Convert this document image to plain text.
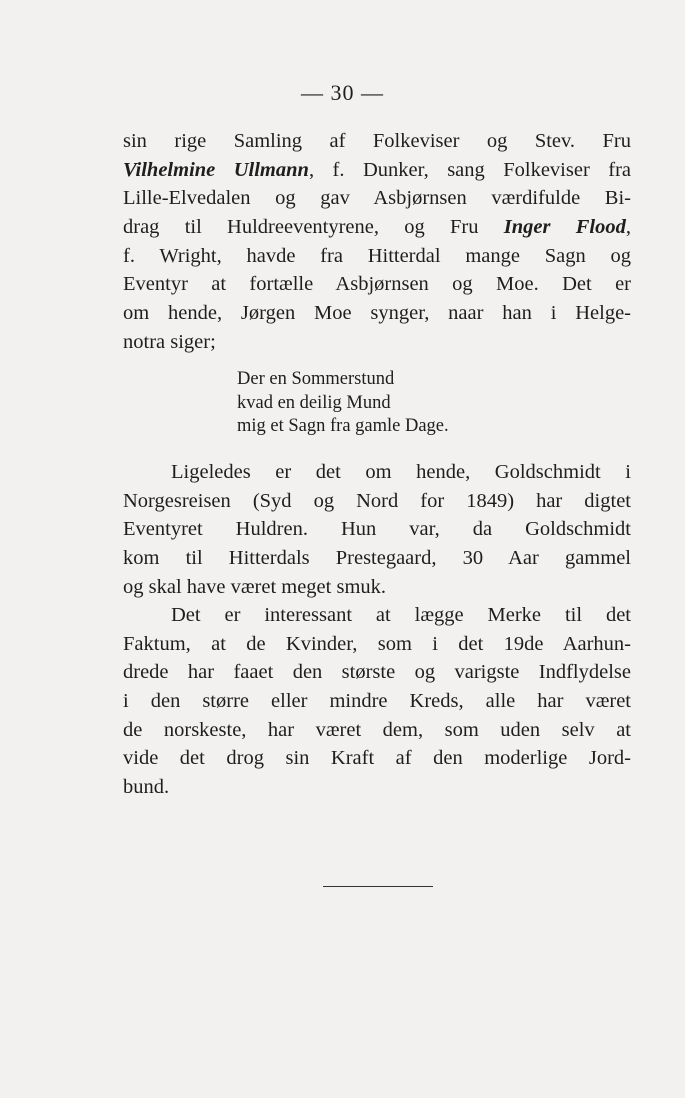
— 30 —
sin rige Samling af Folkeviser og Stev. Fru
Vilhelmine Ullmann, f. Dunker, sang Folkeviser fra
Lille-Elvedalen og gav Asbjørnsen værdifulde Bi-
drag til Huldreeventyrene, og Fru Inger Flood,
f. Wright, havde fra Hitterdal mange Sagn og
Eventyr at fortælle Asbjørnsen og Moe. Det er
om hende, Jørgen Moe synger, naar han i Helge-
notra siger;
Der en Sommerstund
kvad en deilig Mund
mig et Sagn fra gamle Dage.
Ligeledes er det om hende, Goldschmidt i
Norgesreisen (Syd og Nord for 1849) har digtet
Eventyret Huldren. Hun var, da Goldschmidt
kom til Hitterdals Prestegaard, 30 Aar gammel
og skal have været meget smuk.
Det er interessant at lægge Merke til det
Faktum, at de Kvinder, som i det 19de Aarhun-
drede har faaet den største og varigste Indflydelse
i den større eller mindre Kreds, alle har været
de norskeste, har været dem, som uden selv at
vide det drog sin Kraft af den moderlige Jord-
bund.
